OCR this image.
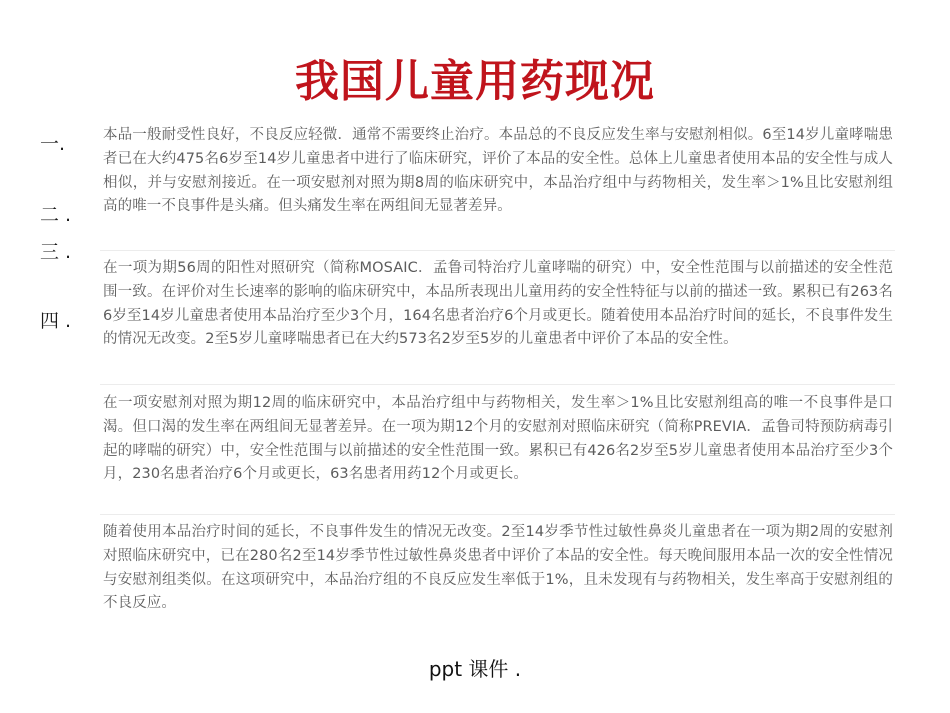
我国儿童用药现况
一.
二 .
三 .
四 .

本品一般耐受性良好，不良反应轻微．通常不需要终止治疗。本品总的不良反应发生率与安慰剂相似。6至14岁儿童哮喘患者已在大约475名6岁至14岁儿童患者中进行了临床研究，评价了本品的安全性。总体上儿童患者使用本品的安全性与成人相似，并与安慰剂接近。在一项安慰剂对照为期8周的临床研究中，本品治疗组中与药物相关，发生率＞1%且比安慰剂组高的唯一不良事件是头痛。但头痛发生率在两组间无显著差异。

在一项为期56周的阳性对照研究（简称MOSAIC．孟鲁司特治疗儿童哮喘的研究）中，安全性范围与以前描述的安全性范围一致。在评价对生长速率的影响的临床研究中，本品所表现出儿童用药的安全性特征与以前的描述一致。累积已有263名6岁至14岁儿童患者使用本品治疗至少3个月，164名患者治疗6个月或更长。随着使用本品治疗时间的延长，不良事件发生的情况无改变。2至5岁儿童哮喘患者已在大约573名2岁至5岁的儿童患者中评价了本品的安全性。

在一项安慰剂对照为期12周的临床研究中，本品治疗组中与药物相关，发生率＞1%且比安慰剂组高的唯一不良事件是口渴。但口渴的发生率在两组间无显著差异。在一项为期12个月的安慰剂对照临床研究（简称PREVIA．孟鲁司特预防病毒引起的哮喘的研究）中，安全性范围与以前描述的安全性范围一致。累积已有426名2岁至5岁儿童患者使用本品治疗至少3个月，230名患者治疗6个月或更长，63名患者用药12个月或更长。

随着使用本品治疗时间的延长，不良事件发生的情况无改变。2至14岁季节性过敏性鼻炎儿童患者在一项为期2周的安慰剂对照临床研究中，已在280名2至14岁季节性过敏性鼻炎患者中评价了本品的安全性。每天晚间服用本品一次的安全性情况与安慰剂组类似。在这项研究中，本品治疗组的不良反应发生率低于1%，且未发现有与药物相关，发生率高于安慰剂组的不良反应。

ppt 课件 .
